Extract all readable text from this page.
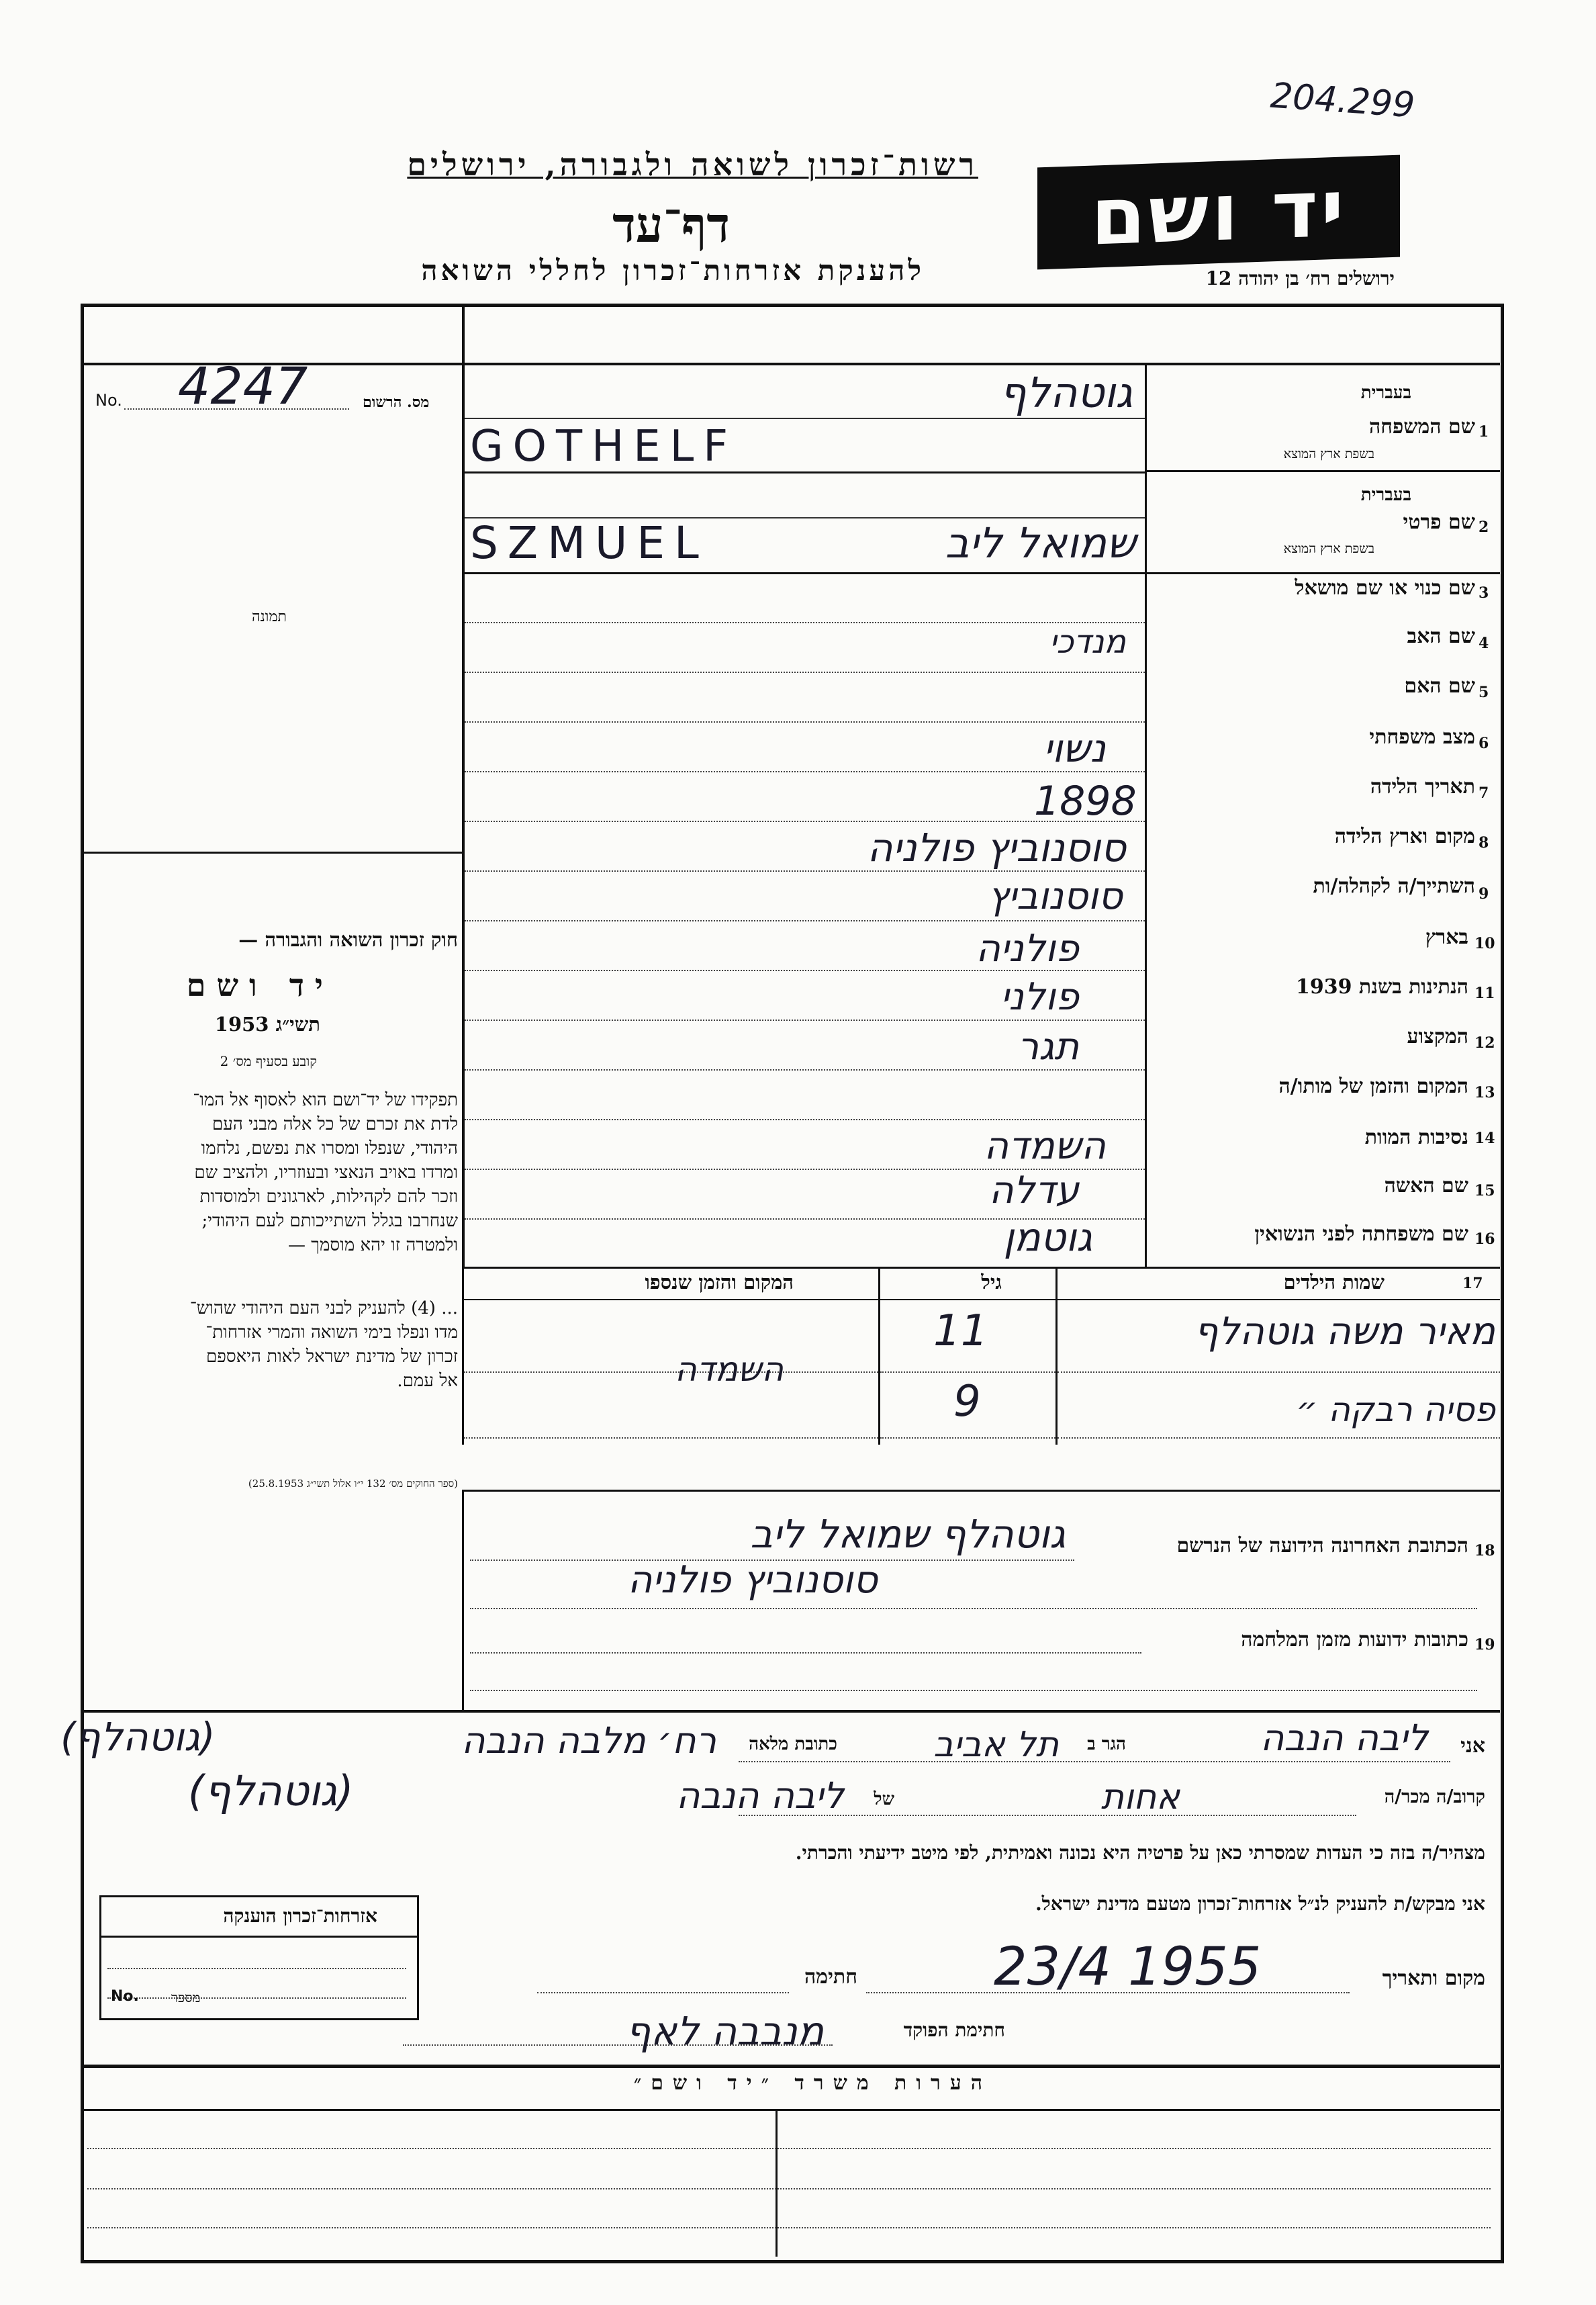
204.299
רשות־זכרון לשואה ולגבורה, ירושלים
דף־עד
להענקת אזרחות־זכרון לחללי השואה
יד ושם
ירושלים רח׳ בן יהודה 12
No. 4247	מס. הרשום
תמונה
חוק זכרון השואה והגבורה —
יד ושם
תשי״ג 1953
קובע בסעיף מס׳ 2
תפקידו של יד־ושם הוא לאסוף אל המו־
לדת את זכרם של כל אלה מבני העם
היהודי, שנפלו ומסרו את נפשם, נלחמו
ומרדו באויב הנאצי ובעוזריו, ולהציב שם
וזכר להם לקהילות, לארגונים ולמוסדות
שנחרבו בגלל השתייכותם לעם היהודי;
ולמטרה זו יהא מוסמך —
... (4) להעניק לבני העם היהודי שהוש־
מדו ונפלו בימי השואה והמרי אזרחות־
זכרון של מדינת ישראל לאות היאספם
אל עמם.
(ספר החוקים מס׳ 132 י״ו אלול תשי״ג 25.8.1953)
1
שם המשפחה
בעברית
בשפת ארץ המוצא
2
שם פרטי
בעברית
בשפת ארץ המוצא
3
שם כנוי או שם מושאל
4
שם האב
5
שם האם
6
מצב משפחתי
7
תאריך הלידה
8
מקום וארץ הלידה
9
השתייך/ה לקהלה/ות
10
בארץ
11
הנתינות בשנת 1939
12
המקצוע
13
המקום והזמן של מותו/ה
14
נסיבות המוות
15
שם האשה
16
שם משפחתה לפני הנשואין
גוטהלף
GOTHELF
שמואל ליב
SZMUEL
מנדכי
נשוי
1898
סוסנוביץ פולניה
סוסנוביץ
פולניה
פולני
תגר
השמדה
עדלה
גוטמן
17
שמות הילדים
גיל
המקום והזמן שנספו
מאיר משה גוטהלף
11
פסיה רבקה ״
9
השמדה
18
הכתובת האחרונה הידועה של הנרשם
גוטהלף שמואל ליב
סוסנוביץ פולניה
19
כתובות ידועות מזמן המלחמה
אני
ליבה הנבה
הגר ב
תל אביב
כתובת מלאה
רח׳ מלבה הנבה
(גוטהלף)
קרוב/ה מכר/ה
אחות
של
ליבה הנבה
(גוטהלף)
מצהיר/ה בזה כי העדות שמסרתי כאן על פרטיה היא נכונה ואמיתית, לפי מיטב ידיעתי והכרתי.
אני מבקש/ת להעניק לנ״ל אזרחות־זכרון מטעם מדינת ישראל.
מקום ותאריך
23/4 1955
חתימה
חתימת הפוקד
מנבבה לאף
אזרחות־זכרון הוענקה
No. מספר
הערות משרד ״יד ושם״
